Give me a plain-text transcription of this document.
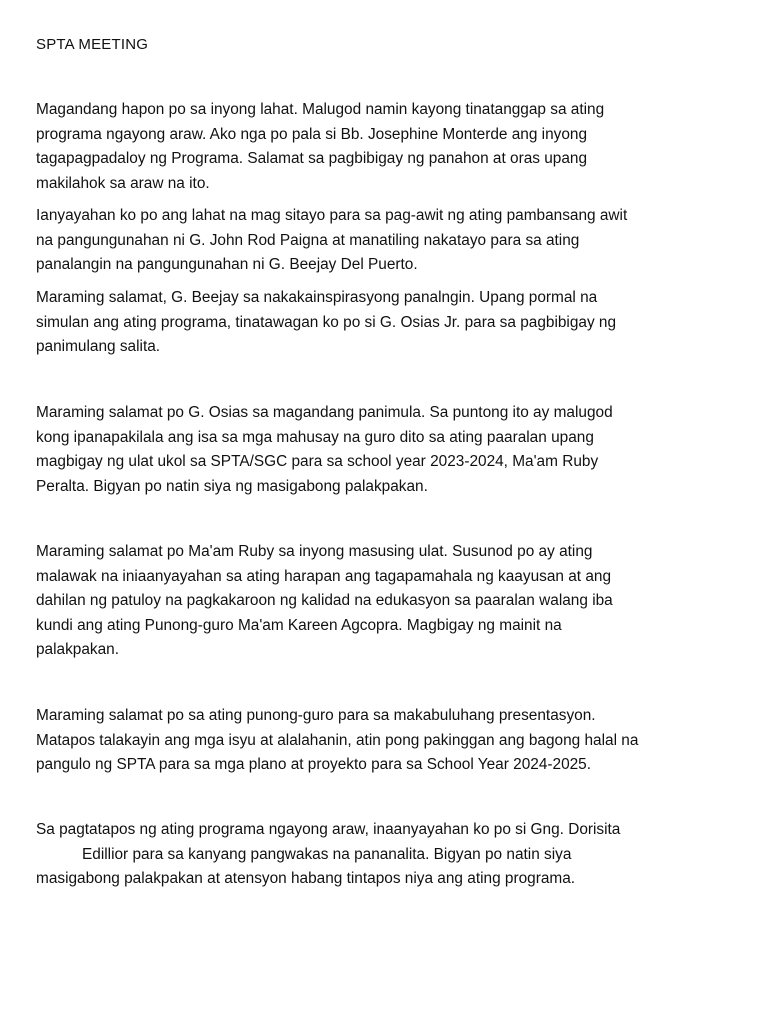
SPTA MEETING

Magandang hapon po sa inyong lahat. Malugod namin kayong tinatanggap sa ating
programa ngayong araw. Ako nga po pala si Bb. Josephine Monterde ang inyong
tagapagpadaloy ng Programa. Salamat sa pagbibigay ng panahon at oras upang
makilahok sa araw na ito.

Ianyayahan ko po ang lahat na mag sitayo para sa pag-awit ng ating pambansang awit
na pangungunahan ni G. John Rod Paigna at manatiling nakatayo para sa ating
panalangin na pangungunahan ni G. Beejay Del Puerto.

Maraming salamat, G. Beejay sa nakakainspirasyong panalngin. Upang pormal na
simulan ang ating programa, tinatawagan ko po si G. Osias Jr. para sa pagbibigay ng
panimulang salita.

Maraming salamat po G. Osias sa magandang panimula. Sa puntong ito ay malugod
kong ipanapakilala ang isa sa mga mahusay na guro dito sa ating paaralan upang
magbigay ng ulat ukol sa SPTA/SGC para sa school year 2023-2024, Ma'am Ruby
Peralta. Bigyan po natin siya ng masigabong palakpakan.

Maraming salamat po Ma'am Ruby sa inyong masusing ulat. Susunod po ay ating
malawak na iniaanyayahan sa ating harapan ang tagapamahala ng kaayusan at ang
dahilan ng patuloy na pagkakaroon ng kalidad na edukasyon sa paaralan walang iba
kundi ang ating Punong-guro Ma'am Kareen Agcopra. Magbigay ng mainit na
palakpakan.

Maraming salamat po sa ating punong-guro para sa makabuluhang presentasyon.
Matapos talakayin ang mga isyu at alalahanin, atin pong pakinggan ang bagong halal na
pangulo ng SPTA para sa mga plano at proyekto para sa School Year 2024-2025.

Sa pagtatapos ng ating programa ngayong araw, inaanyayahan ko po si Gng. Dorisita
Edillior para sa kanyang pangwakas na pananalita. Bigyan po natin siya
masigabong palakpakan at atensyon habang tintapos niya ang ating programa.
